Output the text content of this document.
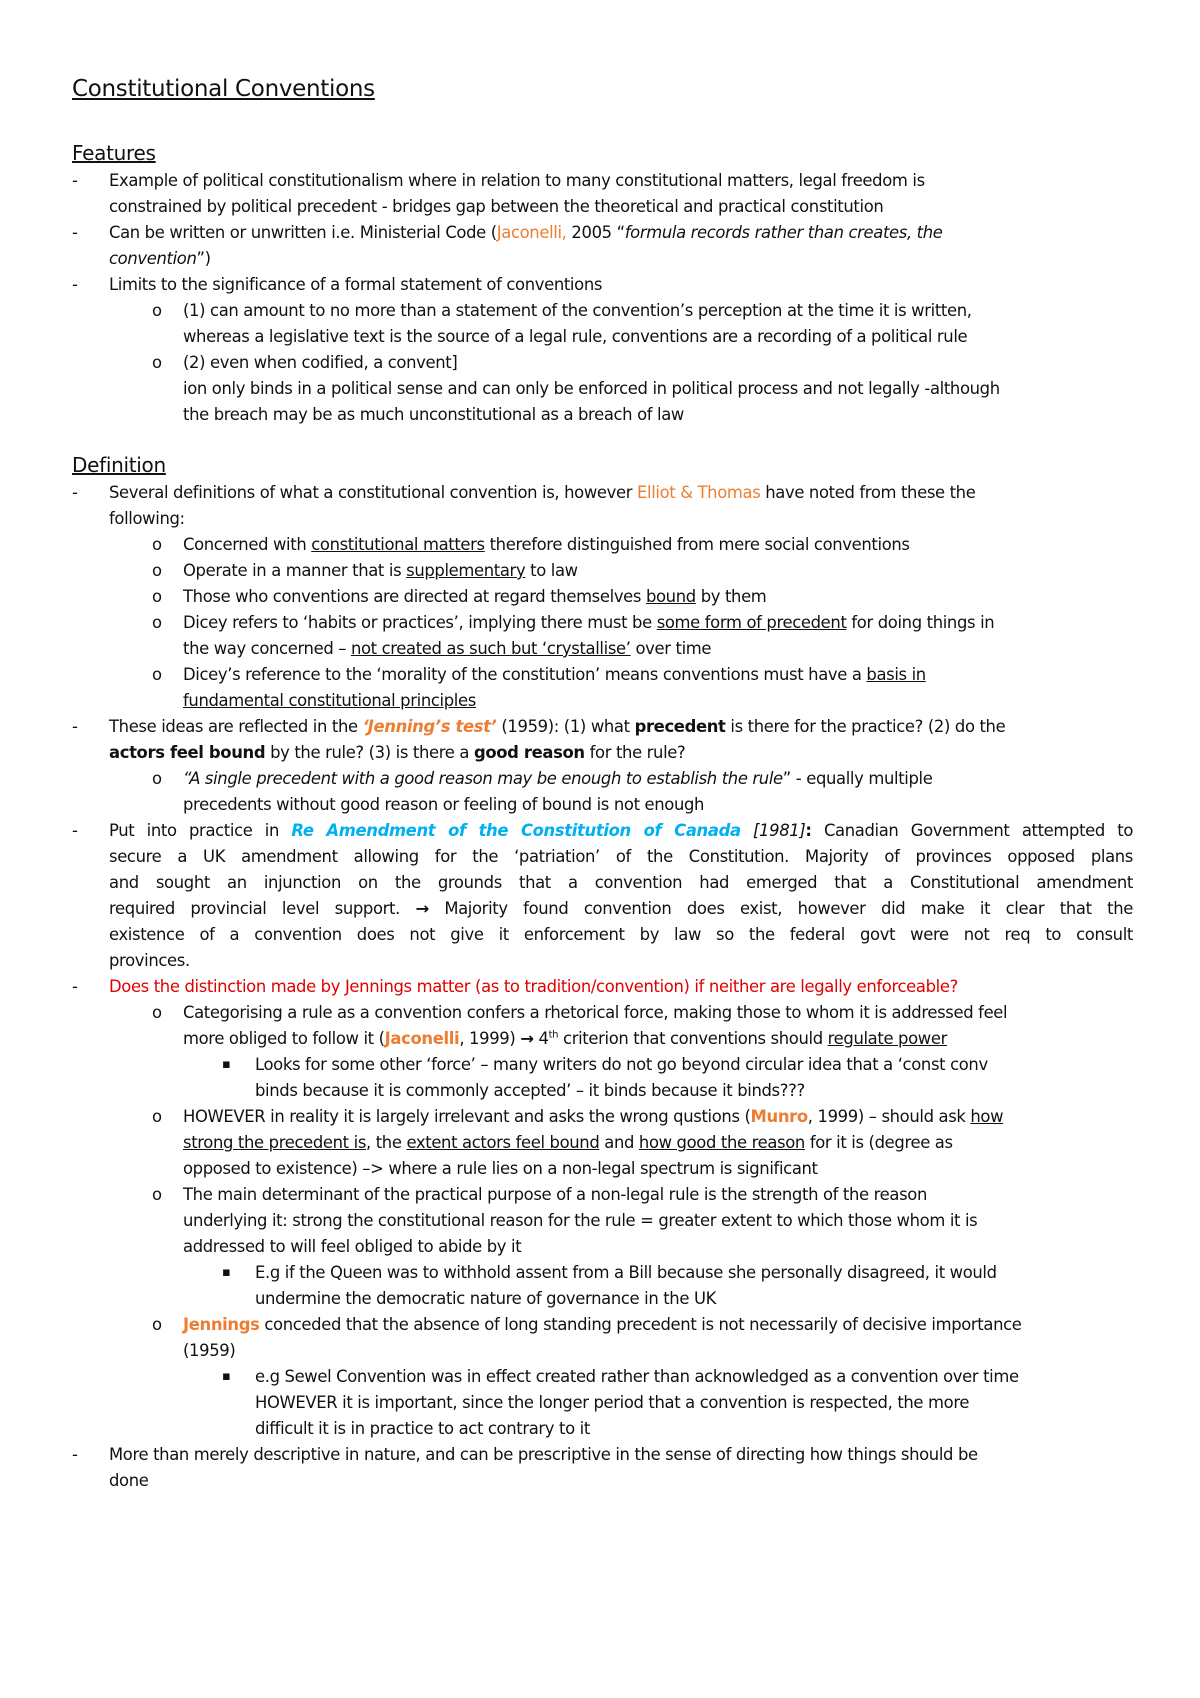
Constitutional Conventions
Features
- Example of political constitutionalism where in relation to many constitutional matters, legal freedom is
constrained by political precedent - bridges gap between the theoretical and practical constitution
- Can be written or unwritten i.e. Ministerial Code (Jaconelli, 2005 “formula records rather than creates, the
convention”)
- Limits to the significance of a formal statement of conventions
o (1) can amount to no more than a statement of the convention’s perception at the time it is written,
whereas a legislative text is the source of a legal rule, conventions are a recording of a political rule
o (2) even when codified, a convent]
ion only binds in a political sense and can only be enforced in political process and not legally -although
the breach may be as much unconstitutional as a breach of law
Definition
- Several definitions of what a constitutional convention is, however Elliot & Thomas have noted from these the
following:
o Concerned with constitutional matters therefore distinguished from mere social conventions
o Operate in a manner that is supplementary to law
o Those who conventions are directed at regard themselves bound by them
o Dicey refers to ‘habits or practices’, implying there must be some form of precedent for doing things in
the way concerned – not created as such but ‘crystallise’ over time
o Dicey’s reference to the ‘morality of the constitution’ means conventions must have a basis in
fundamental constitutional principles
- These ideas are reflected in the ‘Jenning’s test’ (1959): (1) what precedent is there for the practice? (2) do the
actors feel bound by the rule? (3) is there a good reason for the rule?
o “A single precedent with a good reason may be enough to establish the rule” - equally multiple
precedents without good reason or feeling of bound is not enough
- Put into practice in Re Amendment of the Constitution of Canada [1981]: Canadian Government attempted to
secure a UK amendment allowing for the ‘patriation’ of the Constitution. Majority of provinces opposed plans
and sought an injunction on the grounds that a convention had emerged that a Constitutional amendment
required provincial level support. → Majority found convention does exist, however did make it clear that the
existence of a convention does not give it enforcement by law so the federal govt were not req to consult
provinces.
- Does the distinction made by Jennings matter (as to tradition/convention) if neither are legally enforceable?
o Categorising a rule as a convention confers a rhetorical force, making those to whom it is addressed feel
more obliged to follow it (Jaconelli, 1999) → 4th criterion that conventions should regulate power
▪ Looks for some other ‘force’ – many writers do not go beyond circular idea that a ‘const conv
binds because it is commonly accepted’ – it binds because it binds???
o HOWEVER in reality it is largely irrelevant and asks the wrong qustions (Munro, 1999) – should ask how
strong the precedent is, the extent actors feel bound and how good the reason for it is (degree as
opposed to existence) –> where a rule lies on a non-legal spectrum is significant
o The main determinant of the practical purpose of a non-legal rule is the strength of the reason
underlying it: strong the constitutional reason for the rule = greater extent to which those whom it is
addressed to will feel obliged to abide by it
▪ E.g if the Queen was to withhold assent from a Bill because she personally disagreed, it would
undermine the democratic nature of governance in the UK
o Jennings conceded that the absence of long standing precedent is not necessarily of decisive importance
(1959)
▪ e.g Sewel Convention was in effect created rather than acknowledged as a convention over time
HOWEVER it is important, since the longer period that a convention is respected, the more
difficult it is in practice to act contrary to it
- More than merely descriptive in nature, and can be prescriptive in the sense of directing how things should be
done
